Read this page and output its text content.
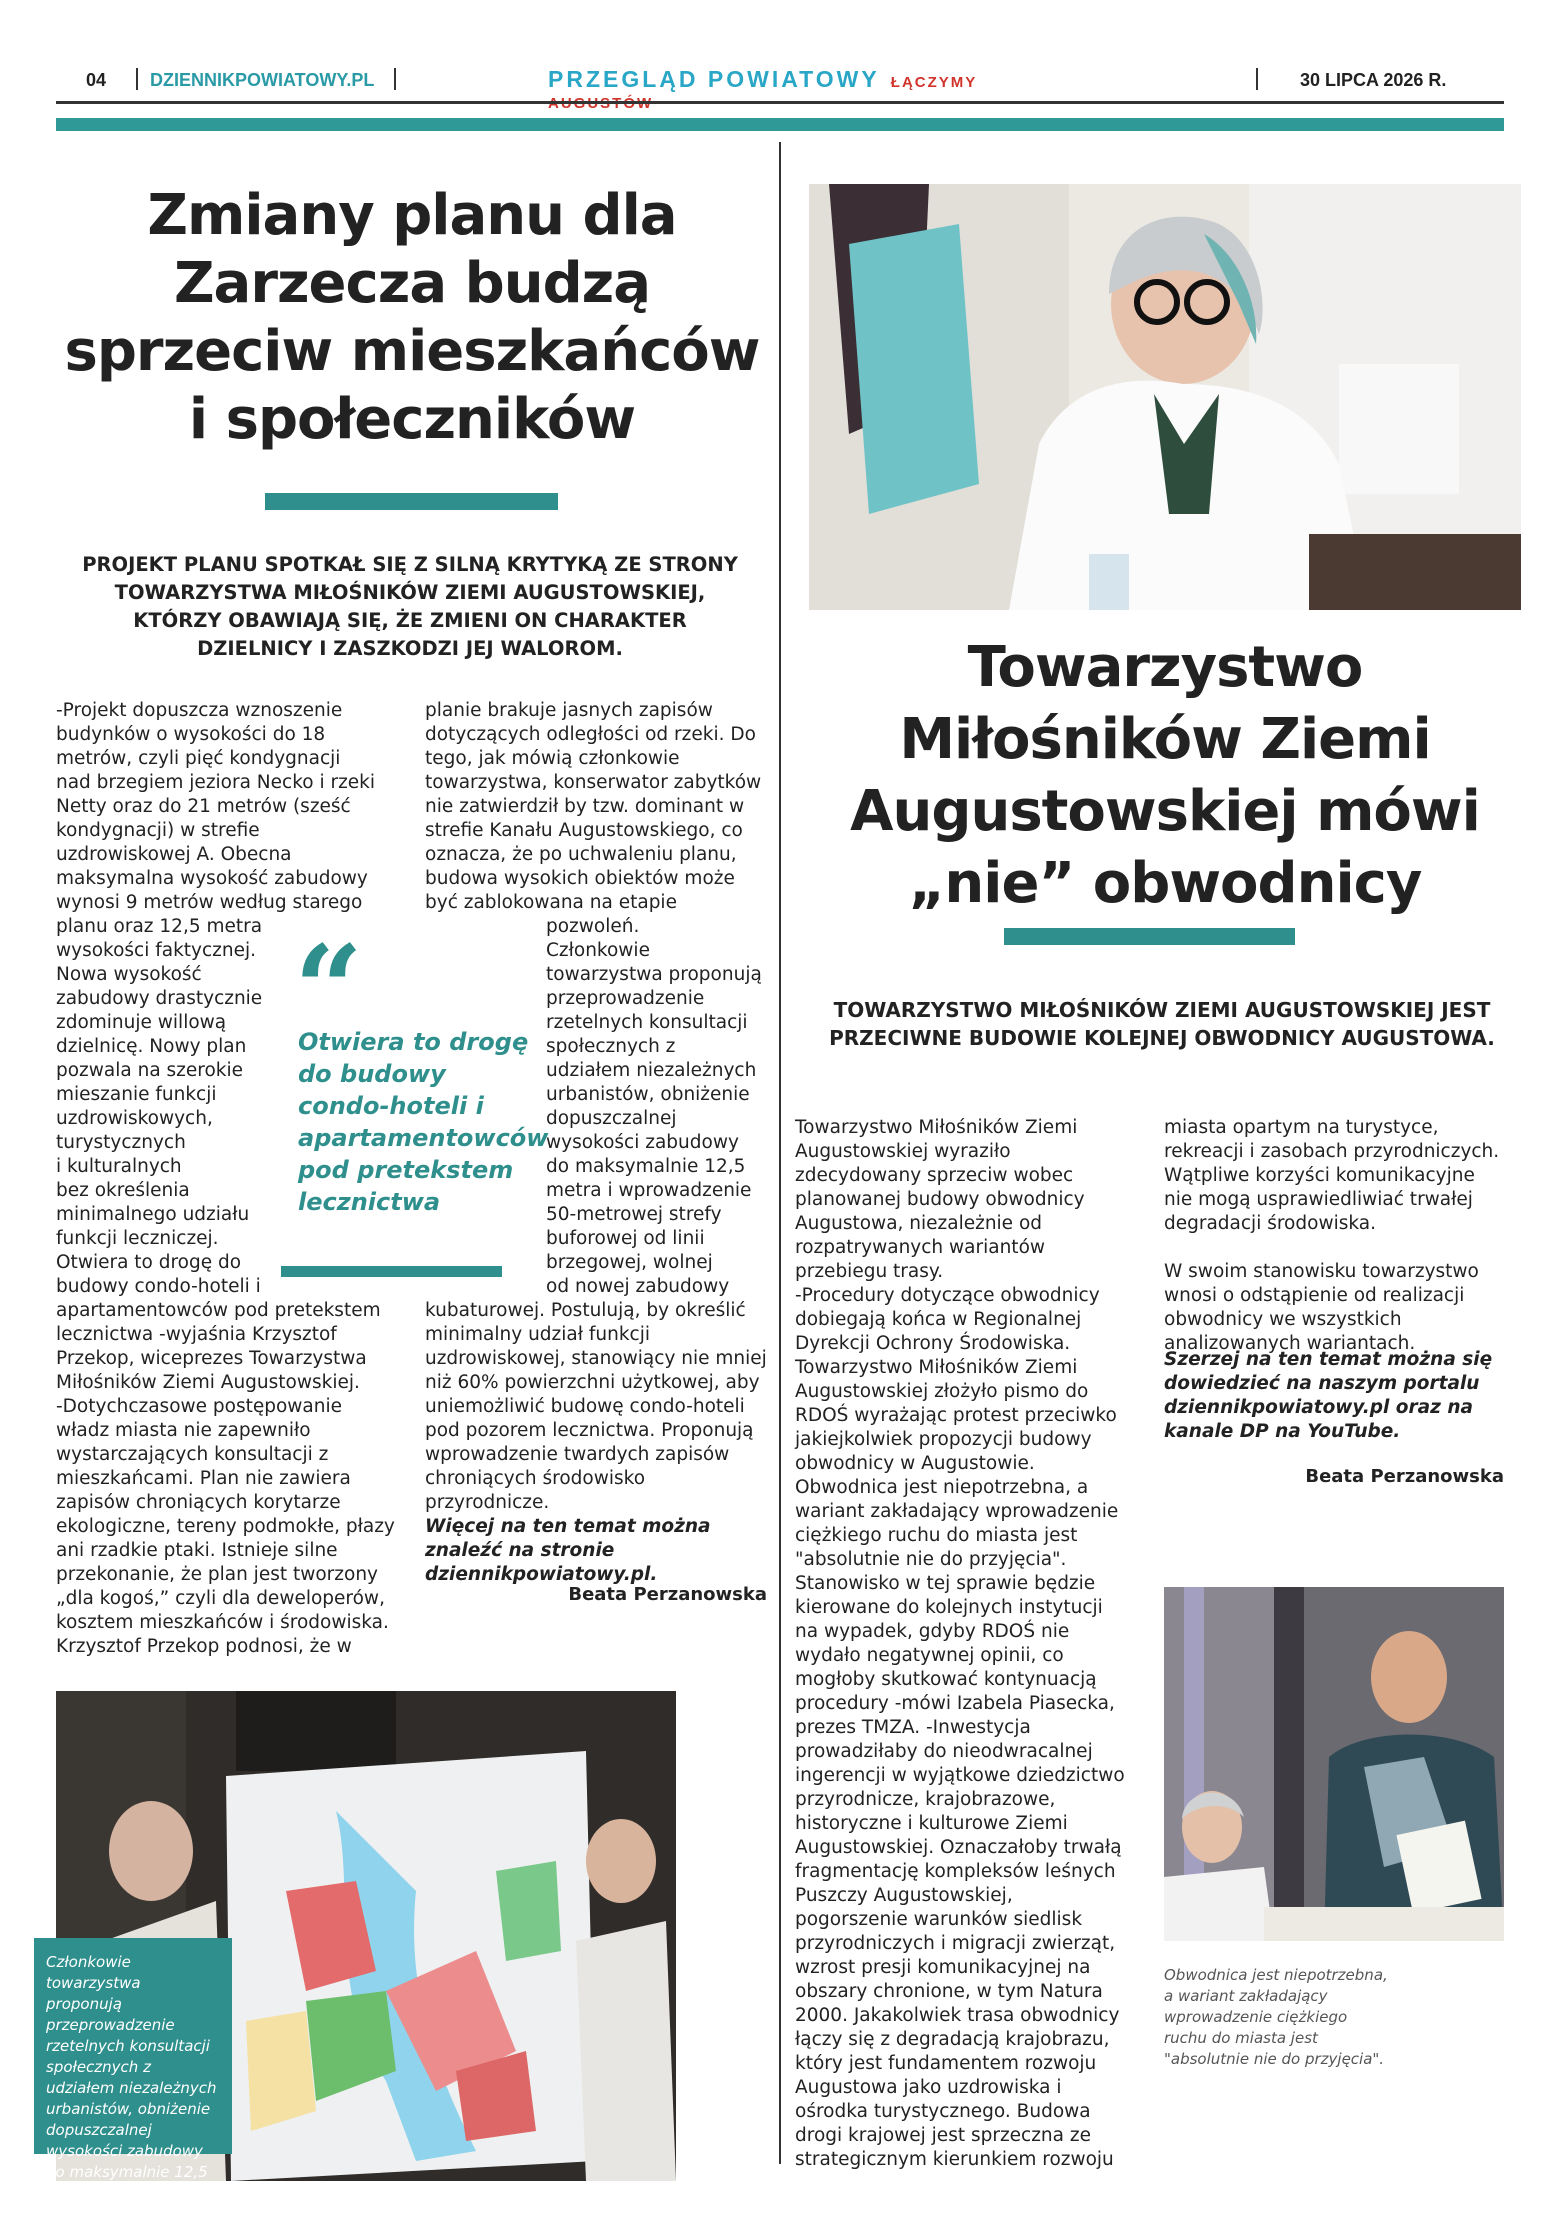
04 DZIENNIKPOWIATOWY.PL	PRZEGLĄD POWIATOWY ŁĄCZYMY	30 LIPCA 2026 R.
Zmiany planu dla Zarzecza budzą sprzeciw mieszkańców i społeczników
PROJEKT PLANU SPOTKAŁ SIĘ Z SILNĄ KRYTYKĄ ZE STRONY TOWARZYSTWA MIŁOŚNIKÓW ZIEMI AUGUSTOWSKIEJ, KTÓRZY OBAWIAJĄ SIĘ, ŻE ZMIENI ON CHARAKTER DZIELNICY I ZASZKODZI JEJ WALOROM.
-Projekt dopuszcza wznoszenie budynków o wysokości do 18 metrów, czyli pięć kondygnacji nad brzegiem jeziora Necko i rzeki Netty oraz do 21 metrów (sześć kondygnacji) w strefie uzdrowiskowej A. Obecna maksymalna wysokość zabudowy wynosi 9 metrów według starego planu oraz 12,5 metra
wysokości faktycznej.
Nowa wysokość
zabudowy drastycznie
zdominuje willową
dzielnicę. Nowy plan
pozwala na szerokie
mieszanie funkcji
uzdrowiskowych,
turystycznych
i kulturalnych
bez określenia
minimalnego udziału
funkcji leczniczej.
Otwiera to drogę do
budowy condo-hoteli i
apartamentowców pod pretekstem lecznictwa -wyjaśnia Krzysztof Przekop, wiceprezes Towarzystwa Miłośników Ziemi Augustowskiej.
-Dotychczasowe postępowanie władz miasta nie zapewniło wystarczających konsultacji z mieszkańcami. Plan nie zawiera zapisów chroniących korytarze ekologiczne, tereny podmokłe, płazy ani rzadkie ptaki. Istnieje silne przekonanie, że plan jest tworzony „dla kogoś,” czyli dla deweloperów, kosztem mieszkańców i środowiska. Krzysztof Przekop podnosi, że w
planie brakuje jasnych zapisów dotyczących odległości od rzeki. Do tego, jak mówią członkowie towarzystwa, konserwator zabytków nie zatwierdził by tzw. dominant w strefie Kanału Augustowskiego, co oznacza, że po uchwaleniu planu, budowa wysokich obiektów może być zablokowana na etapie
pozwoleń.
Członkowie
towarzystwa proponują
przeprowadzenie
rzetelnych konsultacji
społecznych z
udziałem niezależnych
urbanistów, obniżenie
dopuszczalnej
wysokości zabudowy
do maksymalnie 12,5
metra i wprowadzenie
50-metrowej strefy
buforowej od linii
brzegowej, wolnej
od nowej zabudowy
kubaturowej. Postulują, by określić minimalny udział funkcji uzdrowiskowej, stanowiący nie mniej niż 60% powierzchni użytkowej, aby uniemożliwić budowę condo-hoteli pod pozorem lecznictwa. Proponują wprowadzenie twardych zapisów chroniących środowisko przyrodnicze.
Więcej na ten temat można znaleźć na stronie dziennikpowiatowy.pl.
Beata Perzanowska
“
Otwiera to drogę do budowy condo-hoteli i apartamentowców pod pretekstem lecznictwa
Członkowie towarzystwa proponują przeprowadzenie rzetelnych konsultacji społecznych z udziałem niezależnych urbanistów, obniżenie dopuszczalnej wysokości zabudowy do maksymalnie 12,5 metra.
Towarzystwo Miłośników Ziemi Augustowskiej mówi „nie” obwodnicy
TOWARZYSTWO MIŁOŚNIKÓW ZIEMI AUGUSTOWSKIEJ JEST PRZECIWNE BUDOWIE KOLEJNEJ OBWODNICY AUGUSTOWA.
Towarzystwo Miłośników Ziemi Augustowskiej wyraziło zdecydowany sprzeciw wobec planowanej budowy obwodnicy Augustowa, niezależnie od rozpatrywanych wariantów przebiegu trasy.
-Procedury dotyczące obwodnicy dobiegają końca w Regionalnej Dyrekcji Ochrony Środowiska. Towarzystwo Miłośników Ziemi Augustowskiej złożyło pismo do RDOŚ wyrażając protest przeciwko jakiejkolwiek propozycji budowy obwodnicy w Augustowie. Obwodnica jest niepotrzebna, a wariant zakładający wprowadzenie ciężkiego ruchu do miasta jest "absolutnie nie do przyjęcia". Stanowisko w tej sprawie będzie kierowane do kolejnych instytucji na wypadek, gdyby RDOŚ nie wydało negatywnej opinii, co mogłoby skutkować kontynuacją procedury -mówi Izabela Piasecka, prezes TMZA. -Inwestycja prowadziłaby do nieodwracalnej ingerencji w wyjątkowe dziedzictwo przyrodnicze, krajobrazowe, historyczne i kulturowe Ziemi Augustowskiej. Oznaczałoby trwałą fragmentację kompleksów leśnych Puszczy Augustowskiej, pogorszenie warunków siedlisk przyrodniczych i migracji zwierząt, wzrost presji komunikacyjnej na obszary chronione, w tym Natura 2000. Jakakolwiek trasa obwodnicy łączy się z degradacją krajobrazu, który jest fundamentem rozwoju Augustowa jako uzdrowiska i ośrodka turystycznego. Budowa drogi krajowej jest sprzeczna ze strategicznym kierunkiem rozwoju
miasta opartym na turystyce, rekreacji i zasobach przyrodniczych. Wątpliwe korzyści komunikacyjne nie mogą usprawiedliwiać trwałej degradacji środowiska.

W swoim stanowisku towarzystwo wnosi o odstąpienie od realizacji obwodnicy we wszystkich analizowanych wariantach.
Szerzej na ten temat można się dowiedzieć na naszym portalu dziennikpowiatowy.pl oraz na kanale DP na YouTube.
Beata Perzanowska
Obwodnica jest niepotrzebna, a wariant zakładający wprowadzenie ciężkiego ruchu do miasta jest "absolutnie nie do przyjęcia".
